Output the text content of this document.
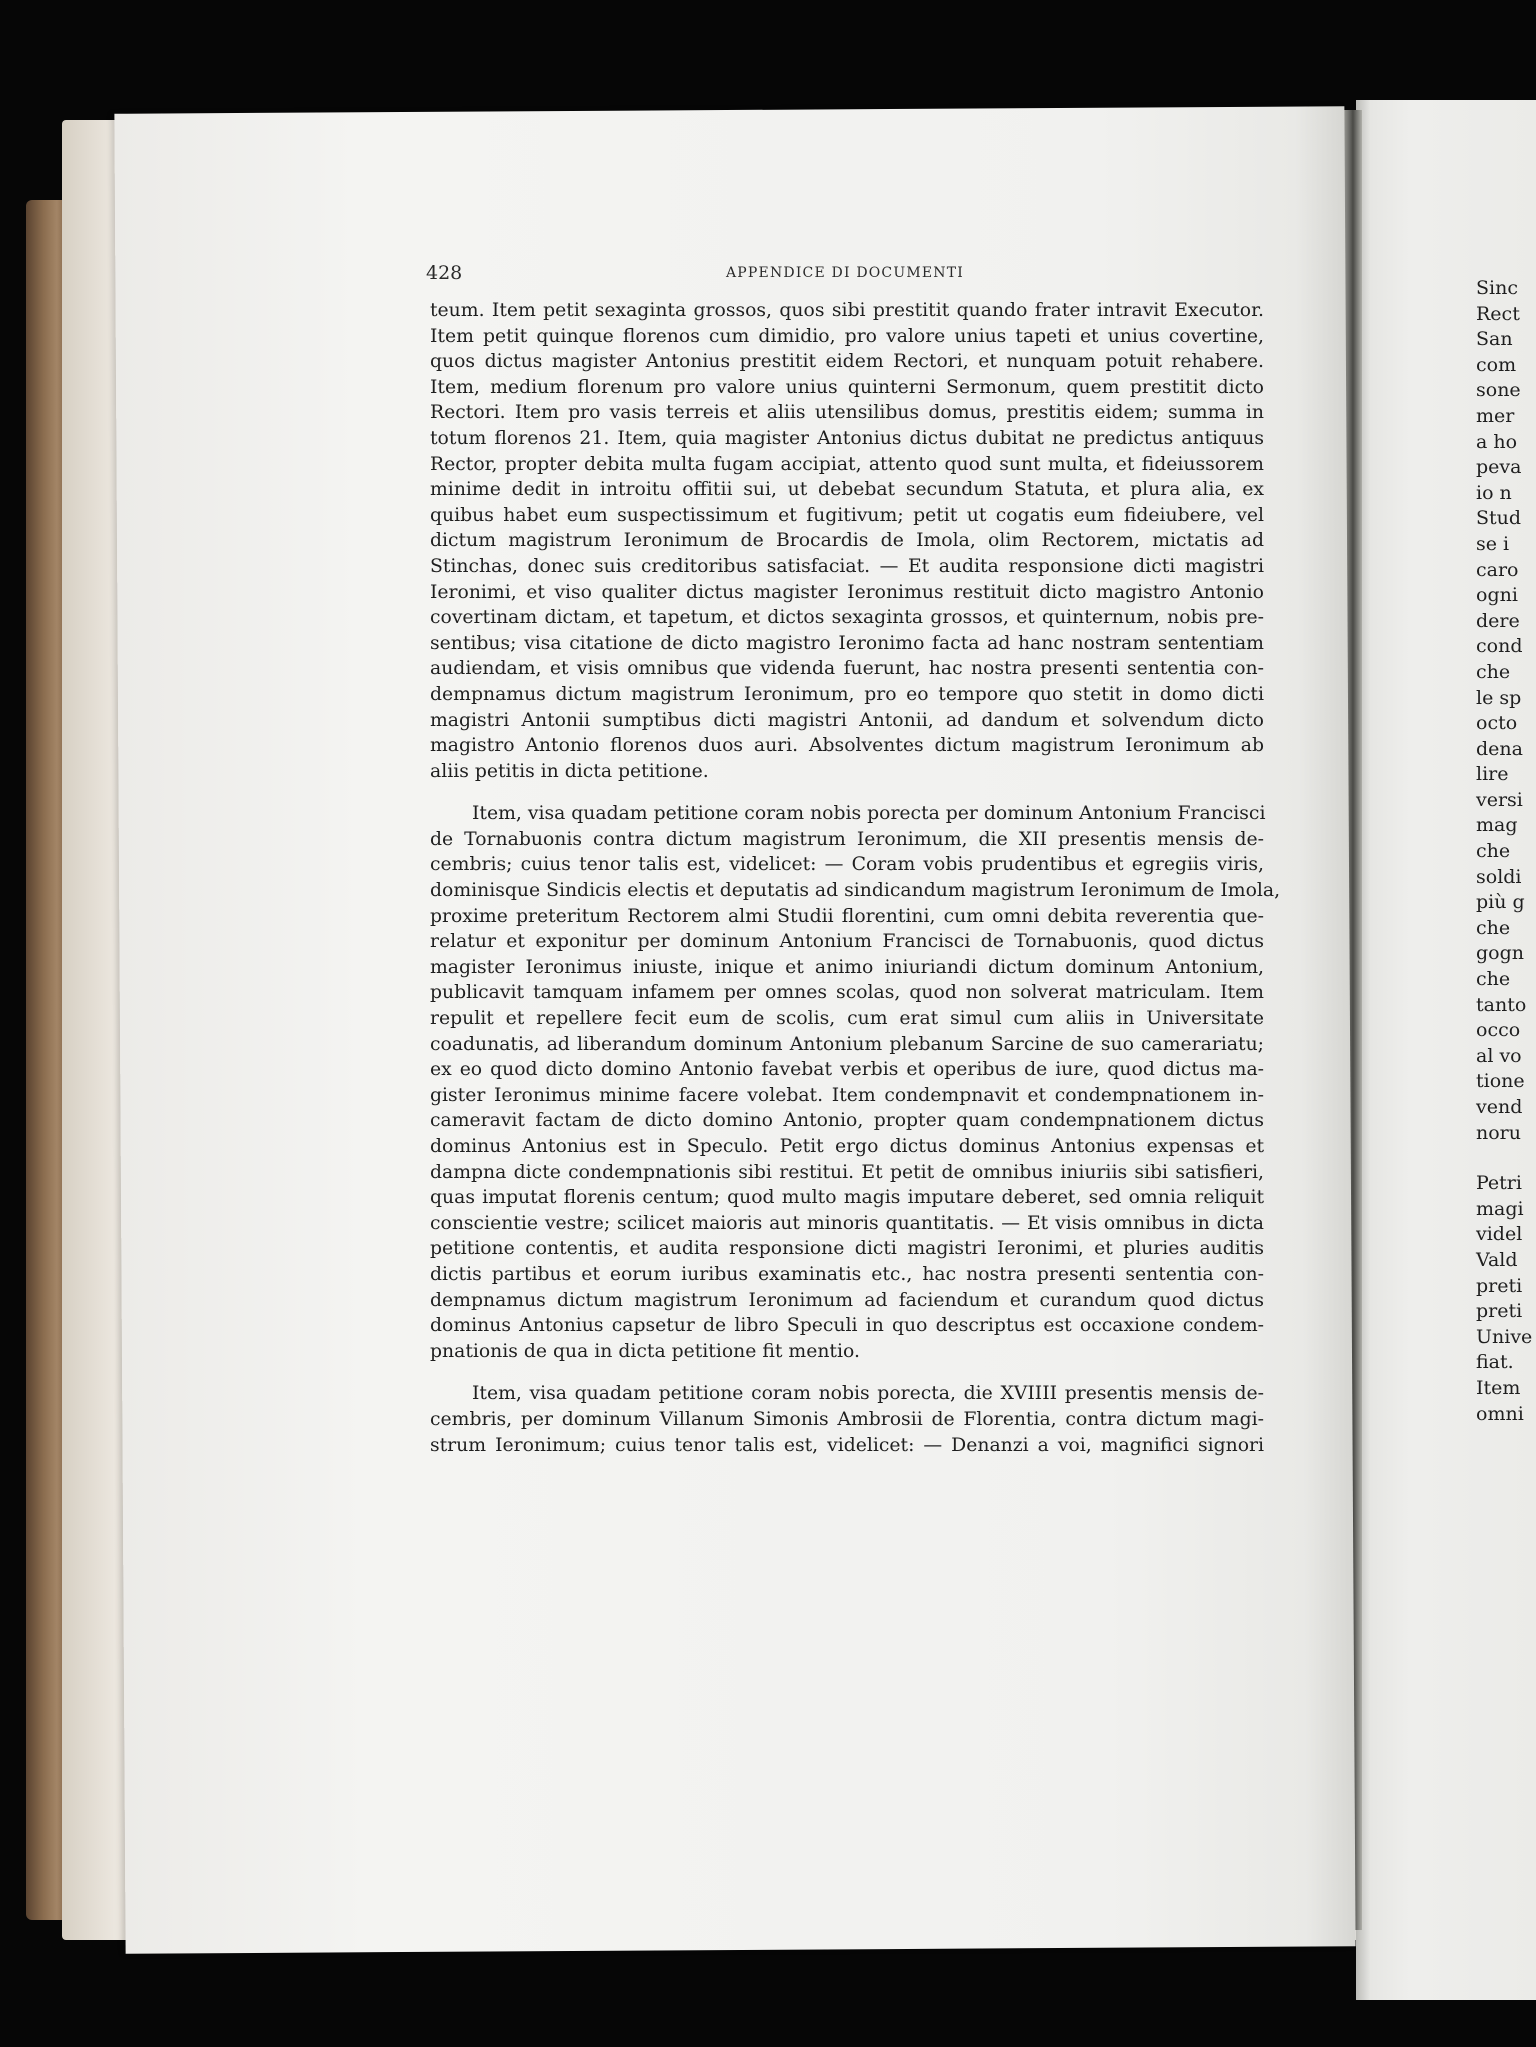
428	APPENDICE DI DOCUMENTI
teum. Item petit sexaginta grossos, quos sibi prestitit quando frater intravit Executor.
Item petit quinque florenos cum dimidio, pro valore unius tapeti et unius covertine,
quos dictus magister Antonius prestitit eidem Rectori, et nunquam potuit rehabere.
Item, medium florenum pro valore unius quinterni Sermonum, quem prestitit dicto
Rectori. Item pro vasis terreis et aliis utensilibus domus, prestitis eidem; summa in
totum florenos 21. Item, quia magister Antonius dictus dubitat ne predictus antiquus
Rector, propter debita multa fugam accipiat, attento quod sunt multa, et fideiussorem
minime dedit in introitu offitii sui, ut debebat secundum Statuta, et plura alia, ex
quibus habet eum suspectissimum et fugitivum; petit ut cogatis eum fideiubere, vel
dictum magistrum Ieronimum de Brocardis de Imola, olim Rectorem, mictatis ad
Stinchas, donec suis creditoribus satisfaciat. — Et audita responsione dicti magistri
Ieronimi, et viso qualiter dictus magister Ieronimus restituit dicto magistro Antonio
covertinam dictam, et tapetum, et dictos sexaginta grossos, et quinternum, nobis pre-
sentibus; visa citatione de dicto magistro Ieronimo facta ad hanc nostram sententiam
audiendam, et visis omnibus que videnda fuerunt, hac nostra presenti sententia con-
dempnamus dictum magistrum Ieronimum, pro eo tempore quo stetit in domo dicti
magistri Antonii sumptibus dicti magistri Antonii, ad dandum et solvendum dicto
magistro Antonio florenos duos auri. Absolventes dictum magistrum Ieronimum ab
aliis petitis in dicta petitione.
Item, visa quadam petitione coram nobis porecta per dominum Antonium Francisci
de Tornabuonis contra dictum magistrum Ieronimum, die XII presentis mensis de-
cembris; cuius tenor talis est, videlicet: — Coram vobis prudentibus et egregiis viris,
dominisque Sindicis electis et deputatis ad sindicandum magistrum Ieronimum de Imola,
proxime preteritum Rectorem almi Studii florentini, cum omni debita reverentia que-
relatur et exponitur per dominum Antonium Francisci de Tornabuonis, quod dictus
magister Ieronimus iniuste, inique et animo iniuriandi dictum dominum Antonium,
publicavit tamquam infamem per omnes scolas, quod non solverat matriculam. Item
repulit et repellere fecit eum de scolis, cum erat simul cum aliis in Universitate
coadunatis, ad liberandum dominum Antonium plebanum Sarcine de suo camerariatu;
ex eo quod dicto domino Antonio favebat verbis et operibus de iure, quod dictus ma-
gister Ieronimus minime facere volebat. Item condempnavit et condempnationem in-
cameravit factam de dicto domino Antonio, propter quam condempnationem dictus
dominus Antonius est in Speculo. Petit ergo dictus dominus Antonius expensas et
dampna dicte condempnationis sibi restitui. Et petit de omnibus iniuriis sibi satisfieri,
quas imputat florenis centum; quod multo magis imputare deberet, sed omnia reliquit
conscientie vestre; scilicet maioris aut minoris quantitatis. — Et visis omnibus in dicta
petitione contentis, et audita responsione dicti magistri Ieronimi, et pluries auditis
dictis partibus et eorum iuribus examinatis etc., hac nostra presenti sententia con-
dempnamus dictum magistrum Ieronimum ad faciendum et curandum quod dictus
dominus Antonius capsetur de libro Speculi in quo descriptus est occaxione condem-
pnationis de qua in dicta petitione fit mentio.
Item, visa quadam petitione coram nobis porecta, die XVIIII presentis mensis de-
cembris, per dominum Villanum Simonis Ambrosii de Florentia, contra dictum magi-
strum Ieronimum; cuius tenor talis est, videlicet: — Denanzi a voi, magnifici signori
Sinc
Rect
San
com
sone
mer
a ho
peva
io n
Stud
se i
caro
ogni
dere
cond
che
le sp
octo
dena
lire
versi
mag
che
soldi
più g
che
gogn
che
tanto
occo
al vo
tione
vend
noru
Petri
magi
videl
Vald
preti
preti
Unive
fiat.
Item
omni
